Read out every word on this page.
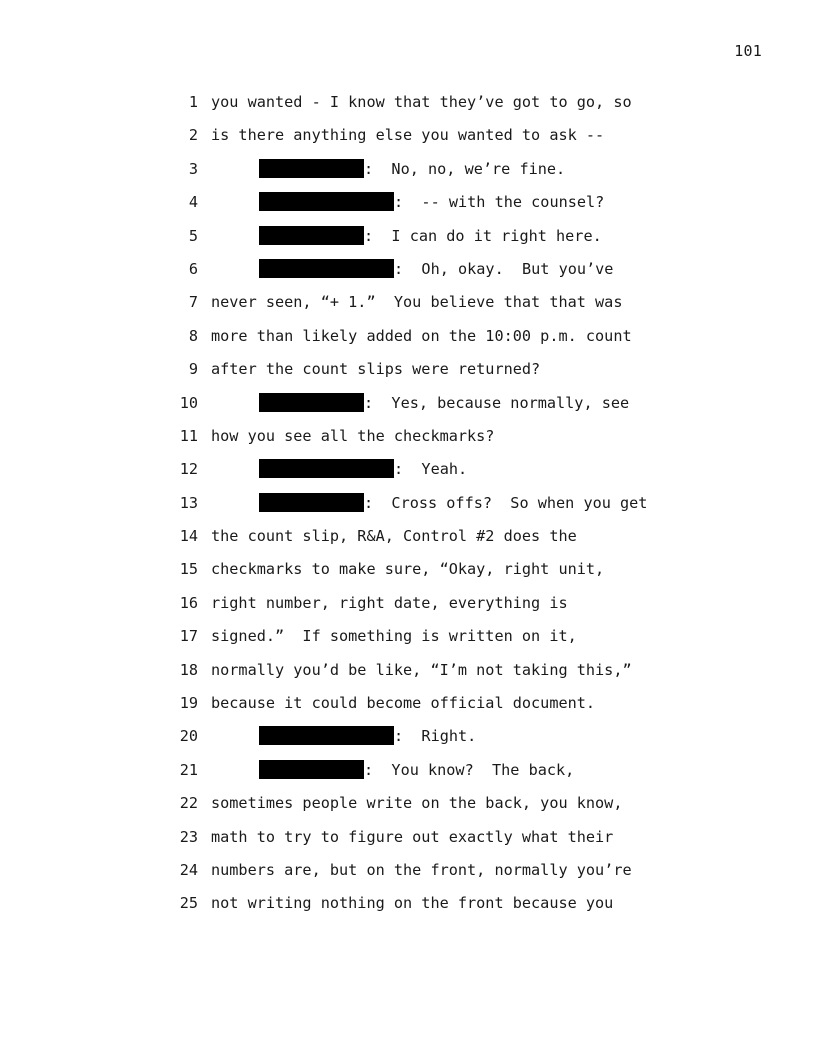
101
1 you wanted - I know that they’ve got to go, so
2 is there anything else you wanted to ask --
3	:  No, no, we’re fine.
4	:  -- with the counsel?
5	:  I can do it right here.
6	:  Oh, okay.  But you’ve
7 never seen, “+ 1.”  You believe that that was
8 more than likely added on the 10:00 p.m. count
9 after the count slips were returned?
10	:  Yes, because normally, see
11 how you see all the checkmarks?
12	:  Yeah.
13	:  Cross offs?  So when you get
14 the count slip, R&A, Control #2 does the
15 checkmarks to make sure, “Okay, right unit,
16 right number, right date, everything is
17 signed.”  If something is written on it,
18 normally you’d be like, “I’m not taking this,”
19 because it could become official document.
20	:  Right.
21	:  You know?  The back,
22 sometimes people write on the back, you know,
23 math to try to figure out exactly what their
24 numbers are, but on the front, normally you’re
25 not writing nothing on the front because you
